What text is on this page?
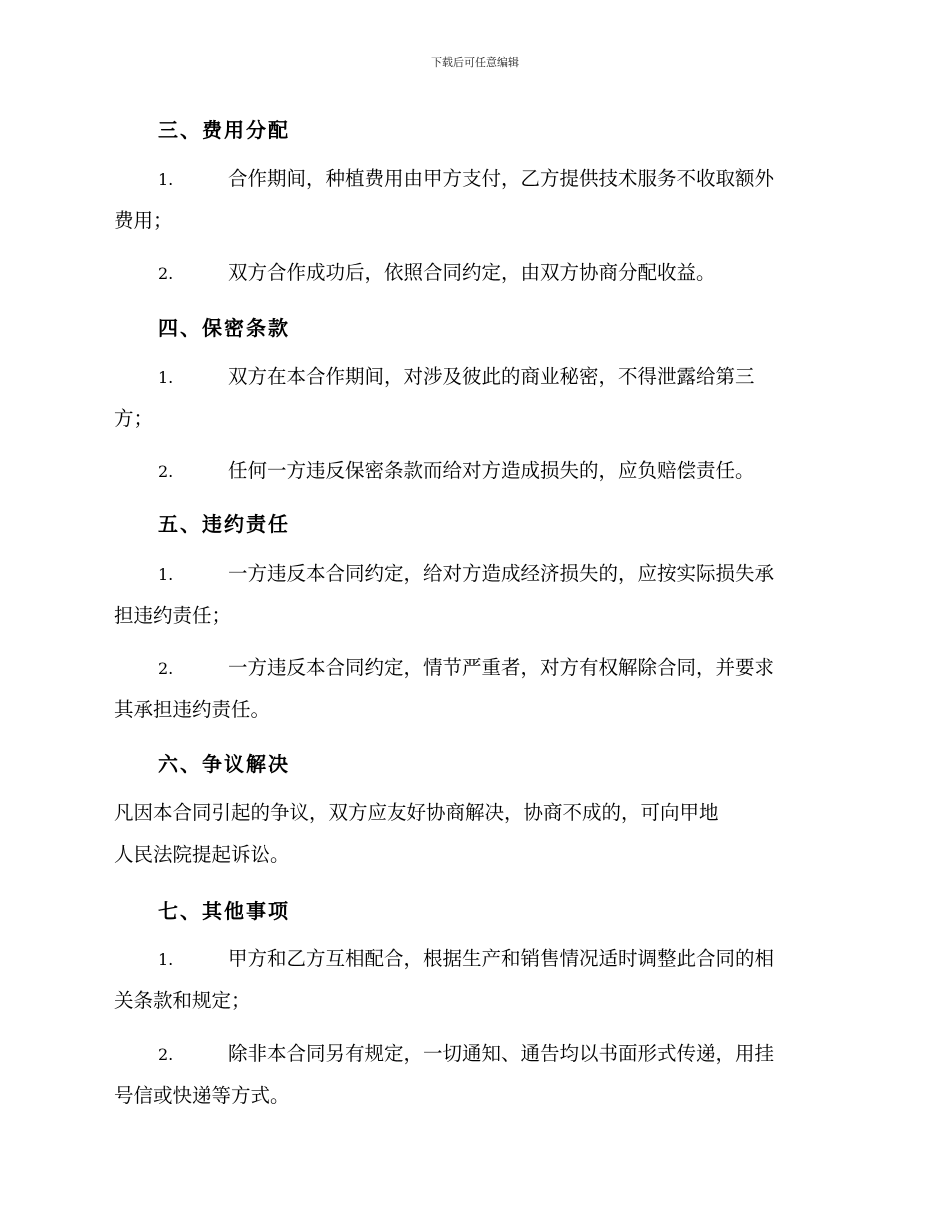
下载后可任意编辑
三、费用分配
1.	合作期间，种植费用由甲方支付，乙方提供技术服务不收取额外
费用；
2.	双方合作成功后，依照合同约定，由双方协商分配收益。
四、保密条款
1.	双方在本合作期间，对涉及彼此的商业秘密，不得泄露给第三
方；
2.	任何一方违反保密条款而给对方造成损失的，应负赔偿责任。
五、违约责任
1.	一方违反本合同约定，给对方造成经济损失的，应按实际损失承
担违约责任；
2.	一方违反本合同约定，情节严重者，对方有权解除合同，并要求
其承担违约责任。
六、争议解决
凡因本合同引起的争议，双方应友好协商解决，协商不成的，可向甲地
人民法院提起诉讼。
七、其他事项
1.	甲方和乙方互相配合，根据生产和销售情况适时调整此合同的相
关条款和规定；
2.	除非本合同另有规定，一切通知、通告均以书面形式传递，用挂
号信或快递等方式。
